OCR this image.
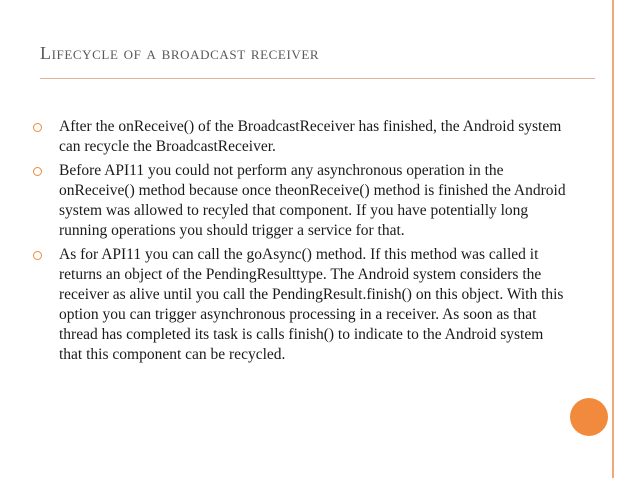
Lifecycle of a broadcast receiver
After the onReceive() of the BroadcastReceiver has finished, the Android system can recycle the BroadcastReceiver.
Before API11 you could not perform any asynchronous operation in the onReceive() method because once theonReceive() method is finished the Android system was allowed to recyled that component. If you have potentially long running operations you should trigger a service for that.
As for API11 you can call the goAsync() method. If this method was called it returns an object of the PendingResulttype. The Android system considers the receiver as alive until you call the PendingResult.finish() on this object. With this option you can trigger asynchronous processing in a receiver. As soon as that thread has completed its task is calls finish() to indicate to the Android system that this component can be recycled.
